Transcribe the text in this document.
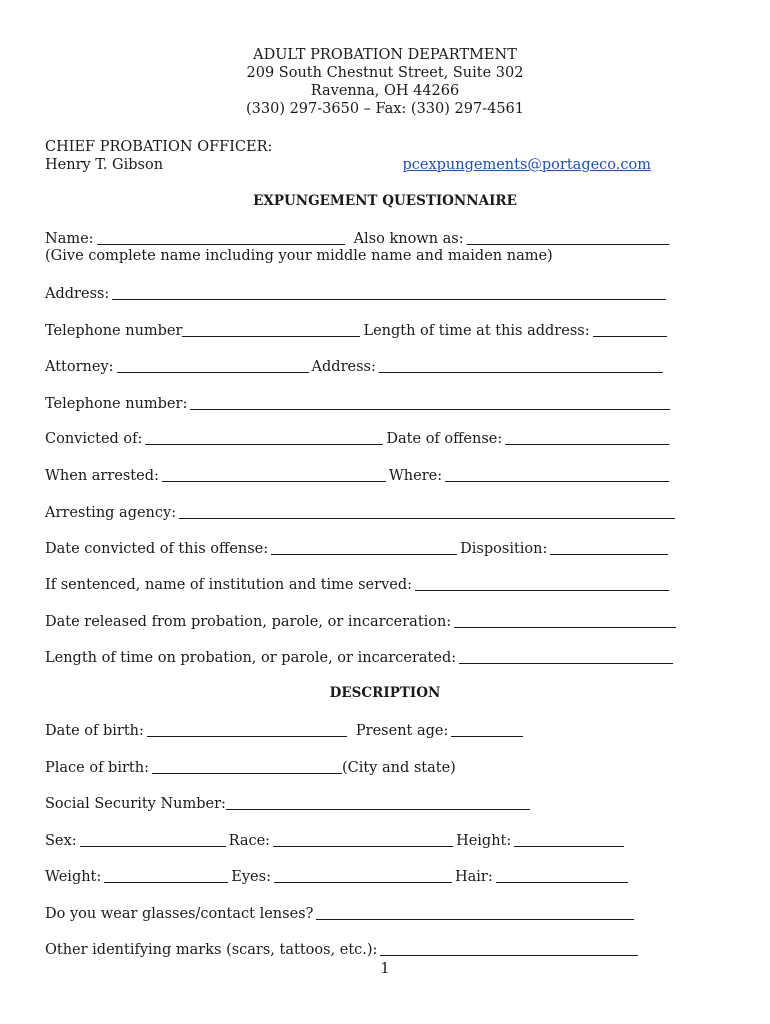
ADULT PROBATION DEPARTMENT
209 South Chestnut Street, Suite 302
Ravenna, OH 44266
(330) 297-3650 – Fax: (330) 297-4561
CHIEF PROBATION OFFICER:
Henry T. Gibson	pcexpungements@portageco.com
EXPUNGEMENT QUESTIONNAIRE
Name:	Also known as:
(Give complete name including your middle name and maiden name)
Address:
Telephone number	Length of time at this address:
Attorney:	Address:
Telephone number:
Convicted of:	Date of offense:
When arrested:	Where:
Arresting agency:
Date convicted of this offense:	Disposition:
If sentenced, name of institution and time served:
Date released from probation, parole, or incarceration:
Length of time on probation, or parole, or incarcerated:
DESCRIPTION
Date of birth:	Present age:
Place of birth:	(City and state)
Social Security Number:
Sex:	Race:	Height:
Weight:	Eyes:	Hair:
Do you wear glasses/contact lenses?
Other identifying marks (scars, tattoos, etc.):
1
